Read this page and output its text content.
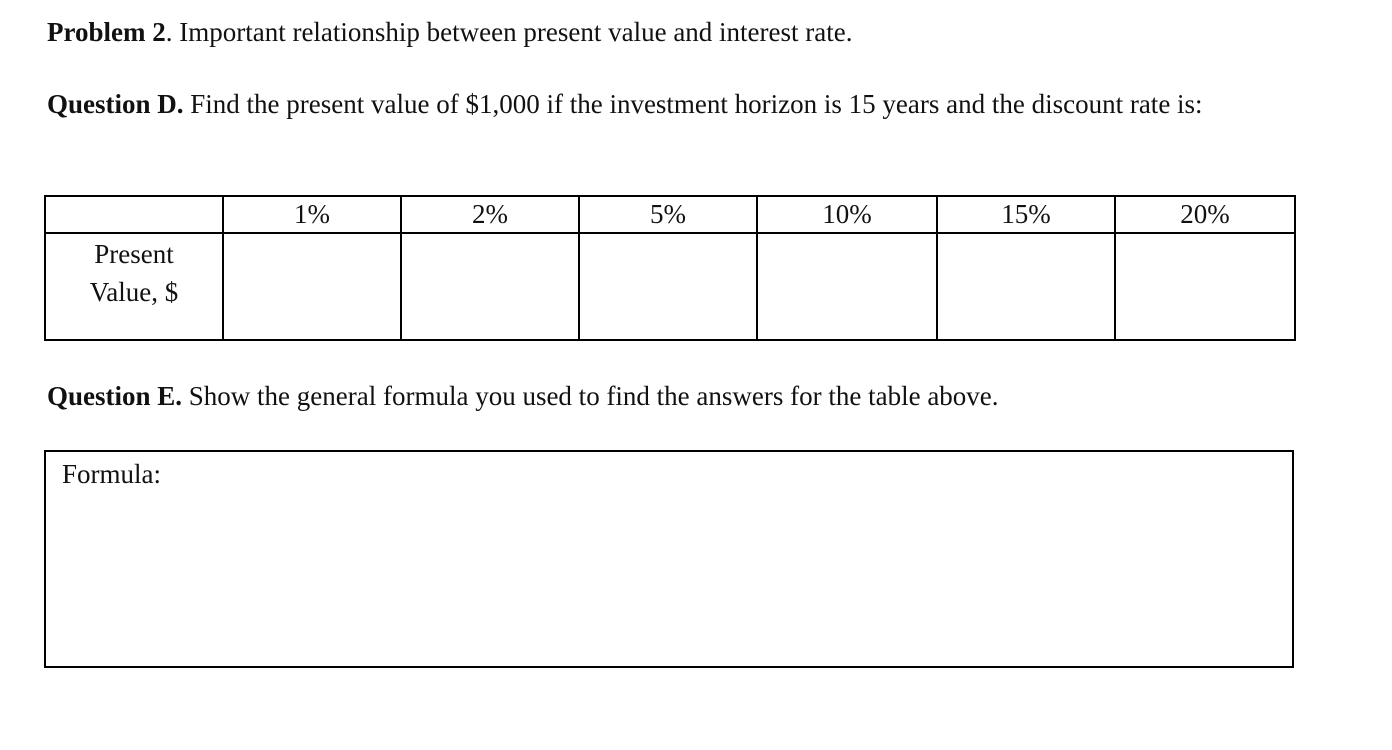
Problem 2. Important relationship between present value and interest rate.

Question D. Find the present value of $1,000 if the investment horizon is 15 years and the discount rate is:

	1%	2%	5%	10%	15%	20%

Present
Value, $						

Question E. Show the general formula you used to find the answers for the table above.

Formula:
